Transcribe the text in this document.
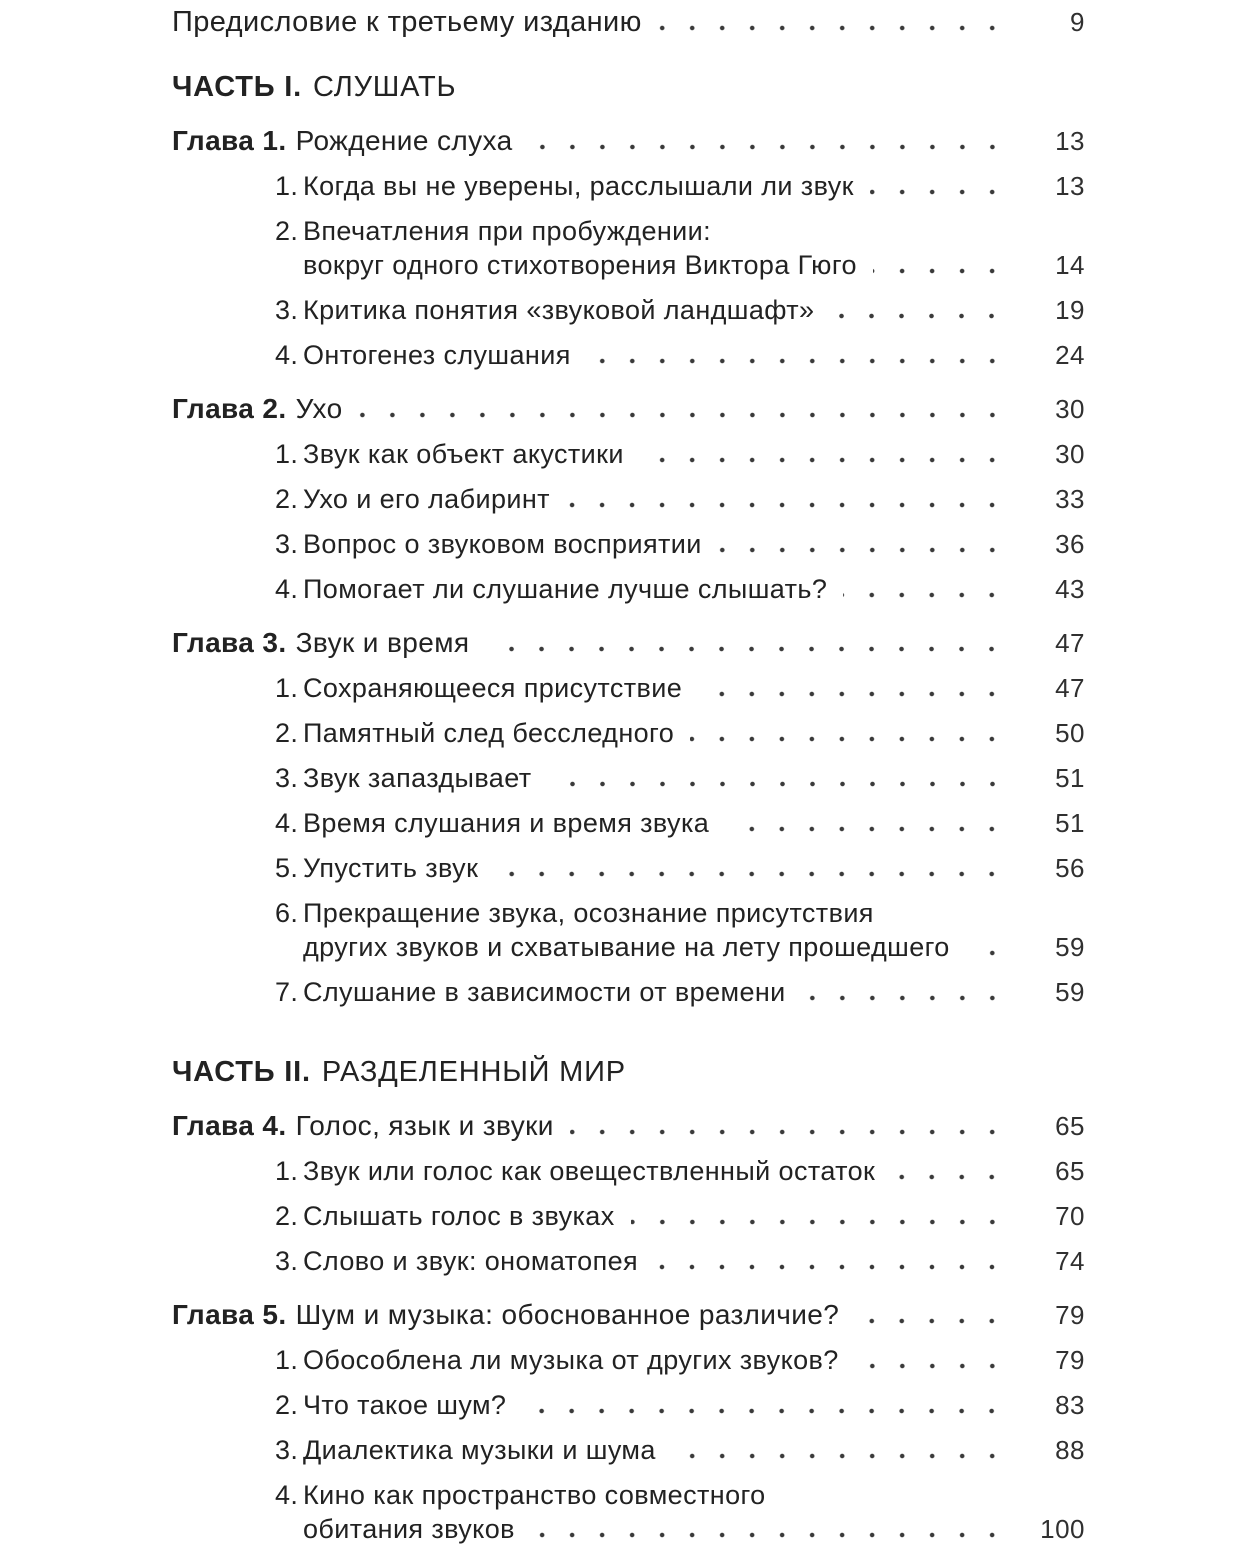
Предисловие к третьему изданию	9
ЧАСТЬ I. СЛУШАТЬ
Глава 1. Рождение слуха	13
1. Когда вы не уверены, расслышали ли звук	13
2. Впечатления при пробуждении:
вокруг одного стихотворения Виктора Гюго	14
3. Критика понятия «звуковой ландшафт»	19
4. Онтогенез слушания	24
Глава 2. Ухо	30
1. Звук как объект акустики	30
2. Ухо и его лабиринт	33
3. Вопрос о звуковом восприятии	36
4. Помогает ли слушание лучше слышать?	43
Глава 3. Звук и время	47
1. Сохраняющееся присутствие	47
2. Памятный след бесследного	50
3. Звук запаздывает	51
4. Время слушания и время звука	51
5. Упустить звук	56
6. Прекращение звука, осознание присутствия
других звуков и схватывание на лету прошедшего	59
7. Слушание в зависимости от времени	59
ЧАСТЬ II. РАЗДЕЛЕННЫЙ МИР
Глава 4. Голос, язык и звуки	65
1. Звук или голос как овеществленный остаток	65
2. Слышать голос в звуках	70
3. Слово и звук: ономатопея	74
Глава 5. Шум и музыка: обоснованное различие?	79
1. Обособлена ли музыка от других звуков?	79
2. Что такое шум?	83
3. Диалектика музыки и шума	88
4. Кино как пространство совместного
обитания звуков	100
